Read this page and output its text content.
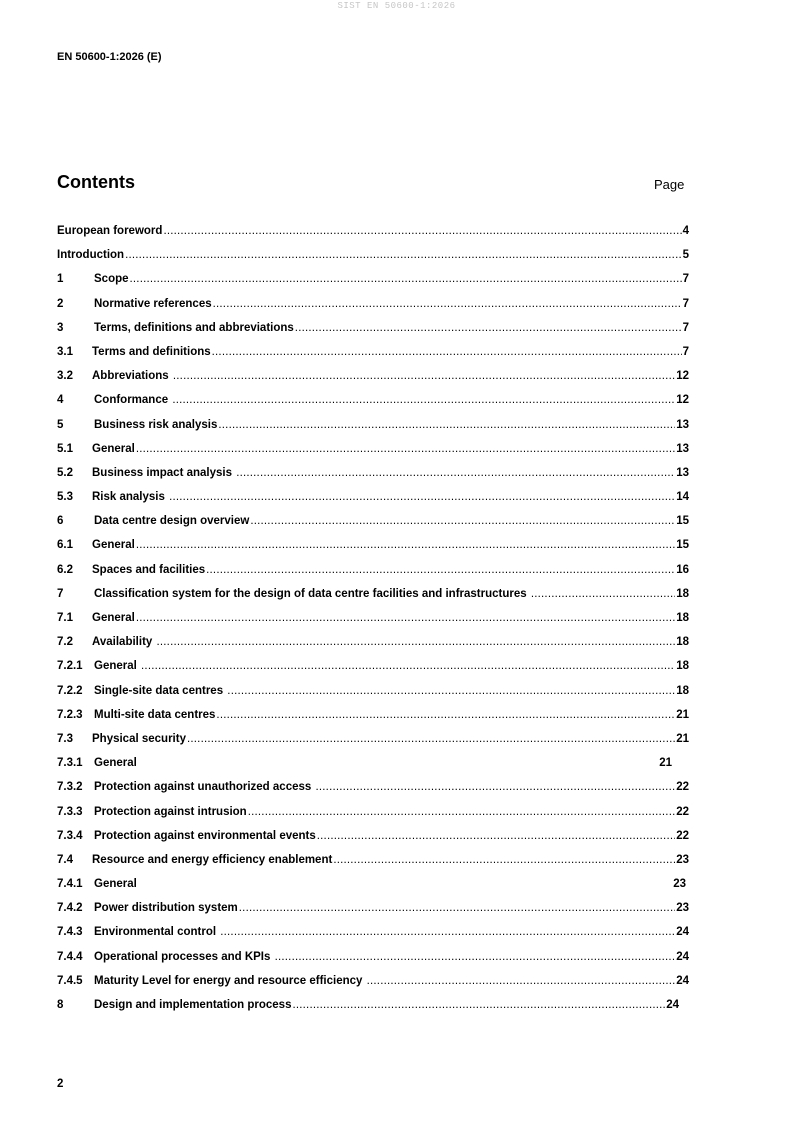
SIST EN 50600-1:2026
EN 50600-1:2026 (E)
Contents	Page
European foreword .....	4
Introduction .....	5
1	Scope .....	7
2	Normative references .....	7
3	Terms, definitions and abbreviations .....	7
3.1	Terms and definitions .....	7
3.2	Abbreviations .....	12
4	Conformance .....	12
5	Business risk analysis .....	13
5.1	General .....	13
5.2	Business impact analysis .....	13
5.3	Risk analysis .....	14
6	Data centre design overview .....	15
6.1	General .....	15
6.2	Spaces and facilities .....	16
7	Classification system for the design of data centre facilities and infrastructures .....	18
7.1	General .....	18
7.2	Availability .....	18
7.2.1 General .....	18
7.2.2 Single-site data centres .....	18
7.2.3 Multi-site data centres .....	21
7.3	Physical security .....	21
7.3.1 General	21
7.3.2 Protection against unauthorized access .....	22
7.3.3 Protection against intrusion .....	22
7.3.4 Protection against environmental events .....	22
7.4	Resource and energy efficiency enablement .....	23
7.4.1 General	23
7.4.2 Power distribution system .....	23
7.4.3 Environmental control .....	24
7.4.4 Operational processes and KPIs .....	24
7.4.5 Maturity Level for energy and resource efficiency .....	24
8	Design and implementation process .....	24
2
